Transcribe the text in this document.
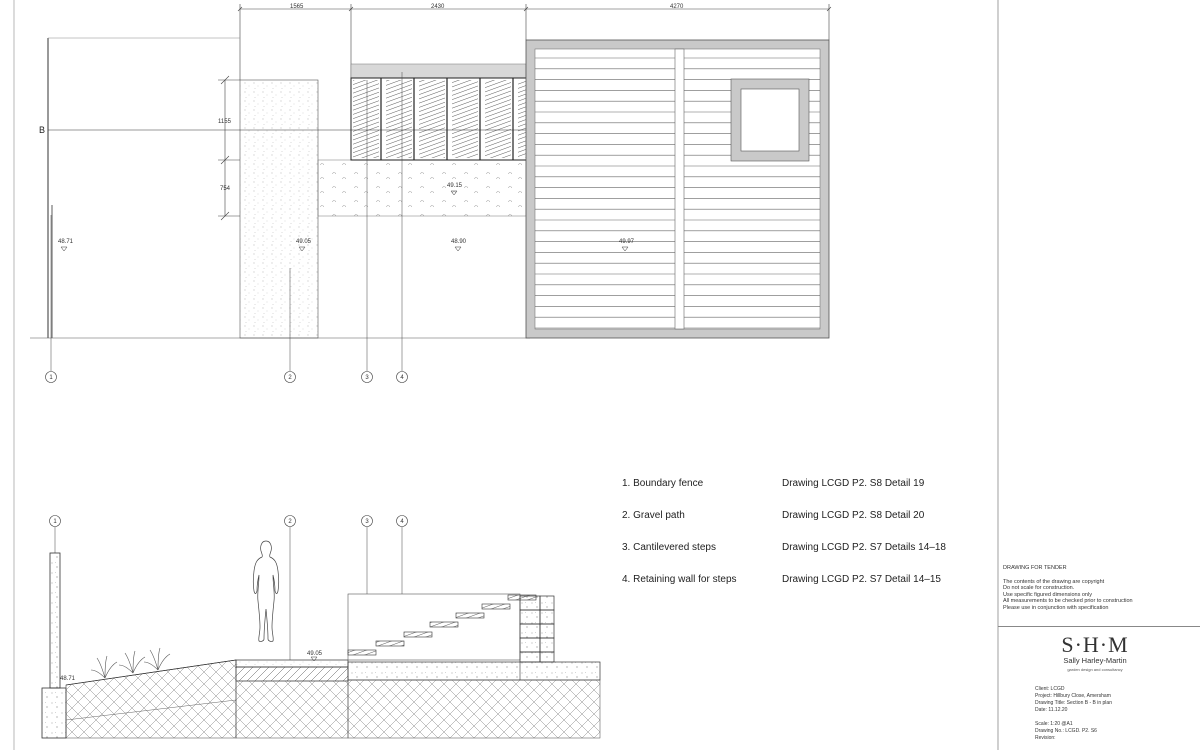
1565	2430	4270
1155
754
B
48.71	49.05	48.90	49.97
49.15
1	2	3	4
1	2	3	4
48.71
49.05
1. Boundary fence	Drawing LCGD P2. S8 Detail 19
2. Gravel path	Drawing LCGD P2. S8 Detail 20
3. Cantilevered steps	Drawing LCGD P2. S7 Details 14–18
4. Retaining wall for steps	Drawing LCGD P2. S7 Detail 14–15
DRAWING FOR TENDER
The contents of the drawing are copyright
Do not scale for construction.
Use specific figured dimensions only
All measurements to be checked prior to construction
Please use in conjunction with specification
S·H·M
Sally Harley-Martin
garden design and consultancy
Client: LCGD
Project: Hillbury Close, Amersham
Drawing Title: Section B - B in plan
Date: 11.12.20
Scale: 1:20 @A1
Drawing No.: LCGD. P2. S6
Revision:
